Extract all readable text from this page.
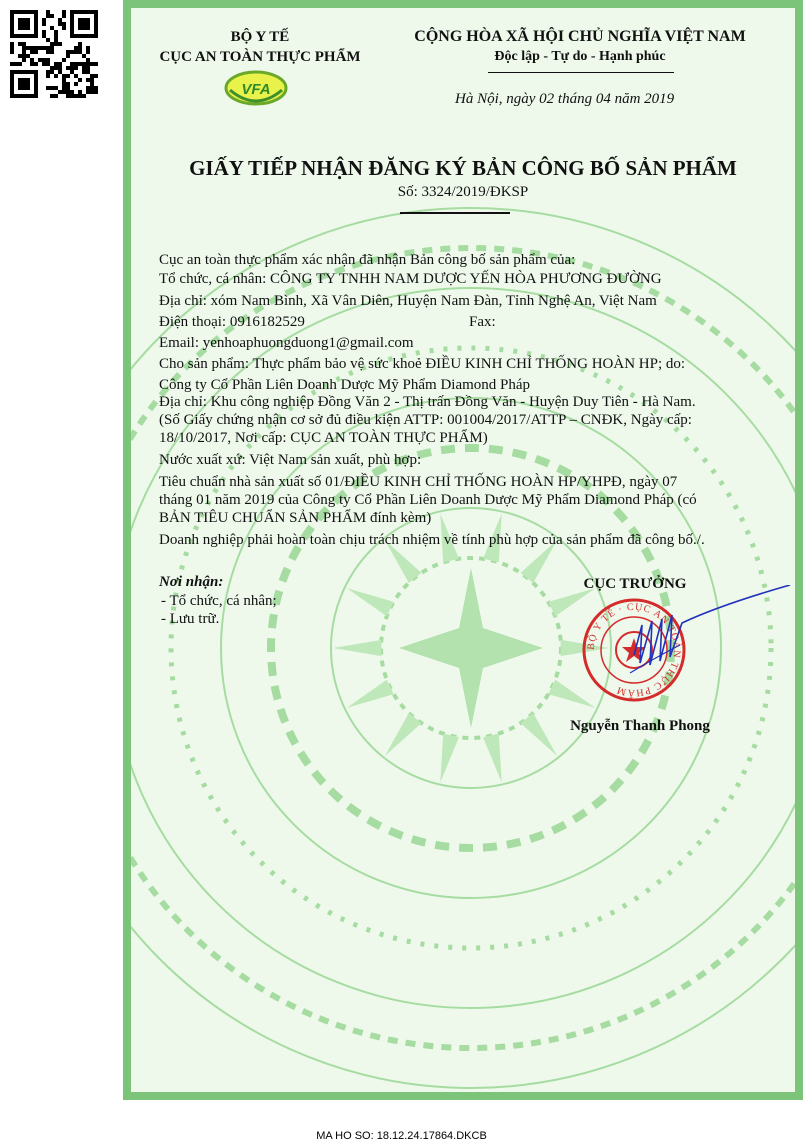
BỘ Y TẾ
CỤC AN TOÀN THỰC PHẨM
VFA
CỘNG HÒA XÃ HỘI CHỦ NGHĨA VIỆT NAM
Độc lập - Tự do - Hạnh phúc
Hà Nội, ngày 02 tháng 04 năm 2019
GIẤY TIẾP NHẬN ĐĂNG KÝ BẢN CÔNG BỐ SẢN PHẨM
Số: 3324/2019/ĐKSP
Cục an toàn thực phẩm xác nhận đã nhận Bản công bố sản phẩm của:
Tổ chức, cá nhân: CÔNG TY TNHH NAM DƯỢC YẾN HÒA PHƯƠNG ĐƯỜNG
Địa chỉ: xóm Nam Bình, Xã Vân Diên, Huyện Nam Đàn, Tỉnh Nghệ An, Việt Nam
Điện thoại: 0916182529	Fax:
Email: yenhoaphuongduong1@gmail.com
Cho sản phẩm: Thực phẩm bảo vệ sức khoẻ ĐIỀU KINH CHỈ THỐNG HOÀN HP; do:
Công ty Cổ Phần Liên Doanh Dược Mỹ Phẩm Diamond Pháp
Địa chỉ: Khu công nghiệp Đồng Văn 2 - Thị trấn Đồng Văn - Huyện Duy Tiên - Hà Nam.
(Số Giấy chứng nhận cơ sở đủ điều kiện ATTP: 001004/2017/ATTP – CNĐK, Ngày cấp:
18/10/2017, Nơi cấp: CỤC AN TOÀN THỰC PHẨM)
Nước xuất xứ: Việt Nam sản xuất, phù hợp:
Tiêu chuẩn nhà sản xuất số 01/ĐIỀU KINH CHỈ THỐNG HOÀN HP/YHPĐ, ngày 07
tháng 01 năm 2019 của Công ty Cổ Phần Liên Doanh Dược Mỹ Phẩm Diamond Pháp (có
BẢN TIÊU CHUẨN SẢN PHẨM đính kèm)
Doanh nghiệp phải hoàn toàn chịu trách nhiệm về tính phù hợp của sản phẩm đã công bố./.
Nơi nhận:
- Tổ chức, cá nhân;
- Lưu trữ.
CỤC TRƯỞNG
BỘ Y TẾ · CỤC AN TOÀN THỰC PHẨM
Nguyễn Thanh Phong
MA HO SO: 18.12.24.17864.DKCB
